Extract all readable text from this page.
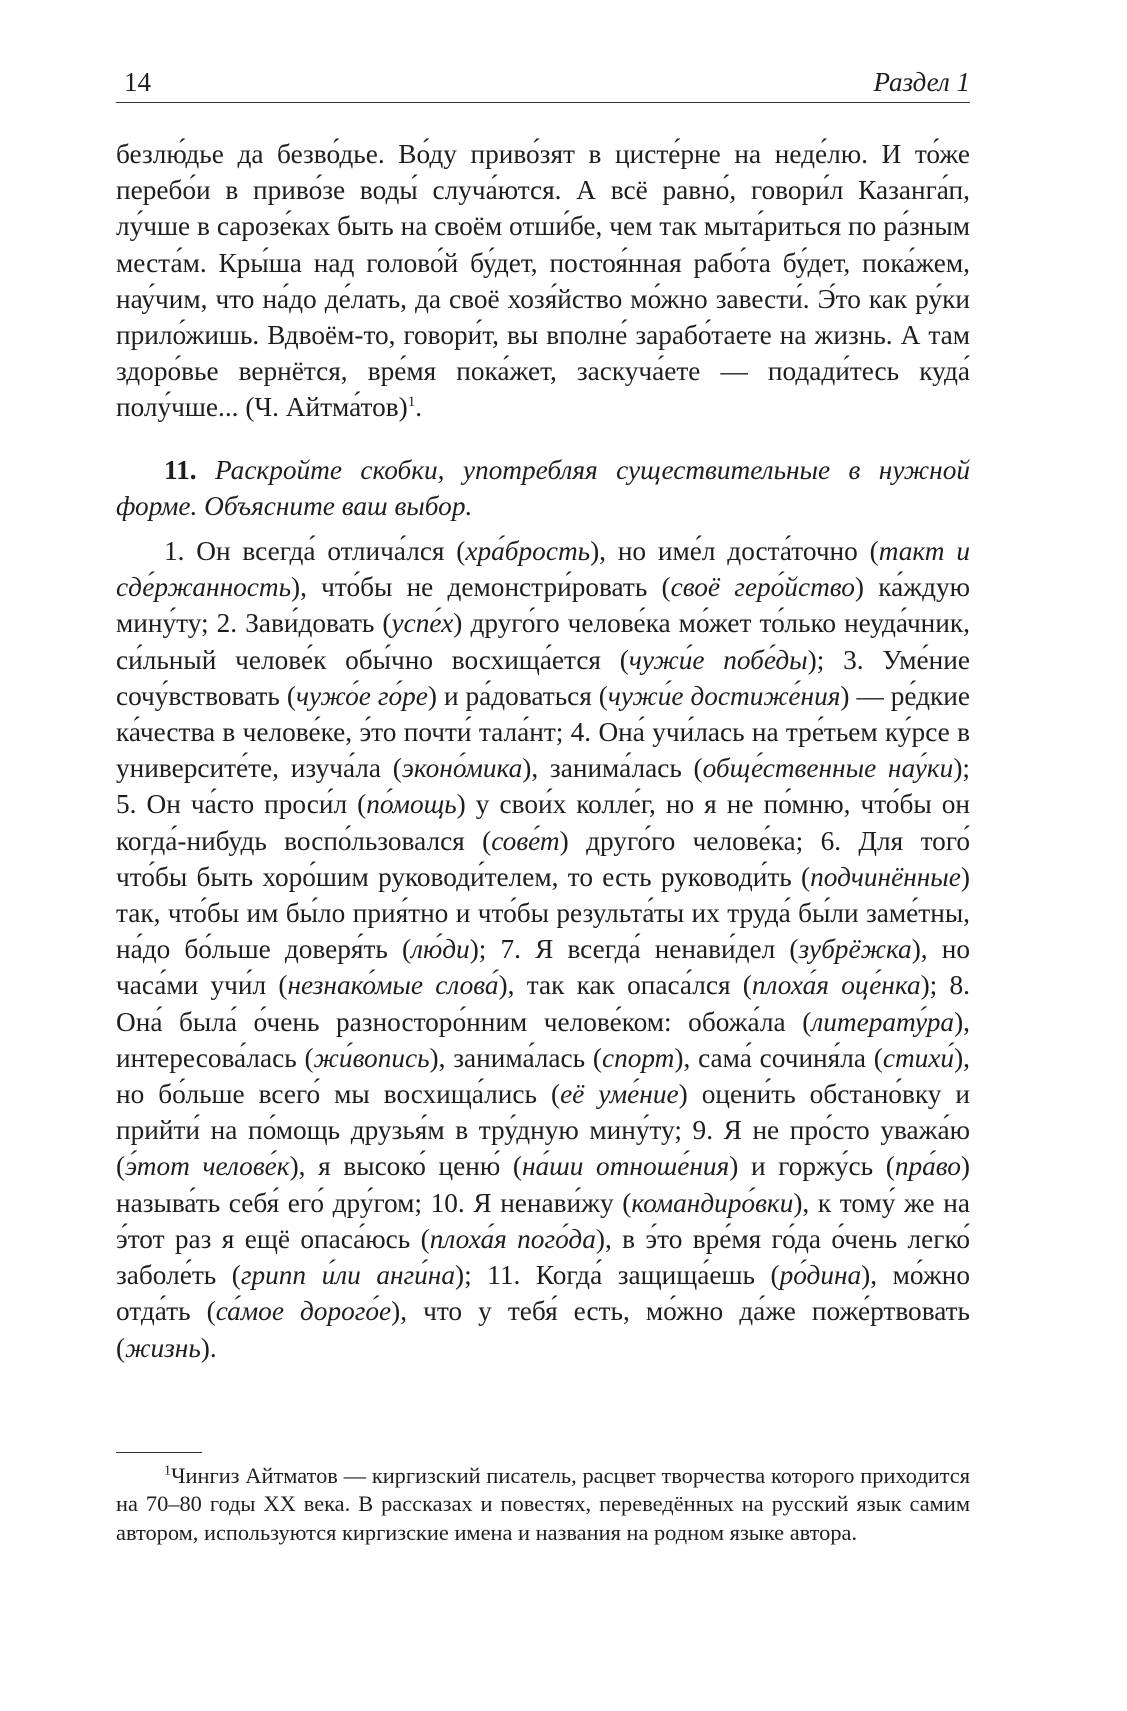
14	Раздел 1

безлю́дье да безво́дье. Во́ду приво́зят в цисте́рне на неде́лю. И то́же перебо́и в приво́зе воды́ случа́ются. А всё равно́, говори́л Казанга́п, лу́чше в сарозе́ках быть на своём отши́бе, чем так мыта́риться по ра́зным места́м. Кры́ша над голово́й бу́дет, постоя́нная рабо́та бу́дет, пока́жем, нау́чим, что на́до де́лать, да своё хозя́йство мо́жно завести́. Э́то как ру́ки прило́жишь. Вдвоём-то, говори́т, вы вполне́ зарабо́таете на жизнь. А там здоро́вье вернётся, вре́мя пока́жет, заскуча́ете — подади́тесь куда́ полу́чше... (Ч. Айтма́тов)$^1$.

11. Раскройте скобки, употребляя существительные в нужной форме. Объясните ваш выбор.

1. Он всегда́ отлича́лся (хра́брость), но име́л доста́точно (такт и сде́ржанность), что́бы не демонстри́ровать (своё геро́йство) ка́ждую мину́ту; 2. Зави́довать (успе́х) друго́го челове́ка мо́жет то́лько неуда́чник, си́льный челове́к обы́чно восхища́ется (чужи́е побе́ды); 3. Уме́ние сочу́вствовать (чужо́е го́ре) и ра́доваться (чужи́е достиже́ния) — ре́дкие ка́чества в челове́ке, э́то почти́ тала́нт; 4. Она́ учи́лась на тре́тьем ку́рсе в университе́те, изуча́ла (эконо́мика), занима́лась (обще́ственные нау́ки); 5. Он ча́сто проси́л (по́мощь) у свои́х колле́г, но я не по́мню, что́бы он когда́-нибудь воспо́льзовался (сове́т) друго́го челове́ка; 6. Для того́ что́бы быть хоро́шим руководи́телем, то есть руководи́ть (подчинённые) так, что́бы им бы́ло прия́тно и что́бы результа́ты их труда́ бы́ли заме́тны, на́до бо́льше доверя́ть (лю́ди); 7. Я всегда́ ненави́дел (зубрёжка), но часа́ми учи́л (незнако́мые слова́), так как опаса́лся (плоха́я оце́нка); 8. Она́ была́ о́чень разносторо́нним челове́ком: обожа́ла (литерату́ра), интересова́лась (жи́вопись), занима́лась (спорт), сама́ сочиня́ла (стихи́), но бо́льше всего́ мы восхища́лись (её уме́ние) оцени́ть обстано́вку и прийти́ на по́мощь друзья́м в тру́дную мину́ту; 9. Я не про́сто уважа́ю (э́тот челове́к), я высоко́ ценю́ (на́ши отноше́ния) и горжу́сь (пра́во) называ́ть себя́ его́ дру́гом; 10. Я ненави́жу (командиро́вки), к тому́ же на э́тот раз я ещё опаса́юсь (плоха́я пого́да), в э́то вре́мя го́да о́чень легко́ заболе́ть (грипп и́ли анги́на); 11. Когда́ защища́ешь (ро́дина), мо́жно отда́ть (са́мое дорого́е), что у тебя́ есть, мо́жно да́же поже́ртвовать (жизнь).

$^1$Чингиз Айтматов — киргизский писатель, расцвет творчества которого приходится на 70–80 годы XX века. В рассказах и повестях, переведённых на русский язык самим автором, используются киргизские имена и названия на родном языке автора.
